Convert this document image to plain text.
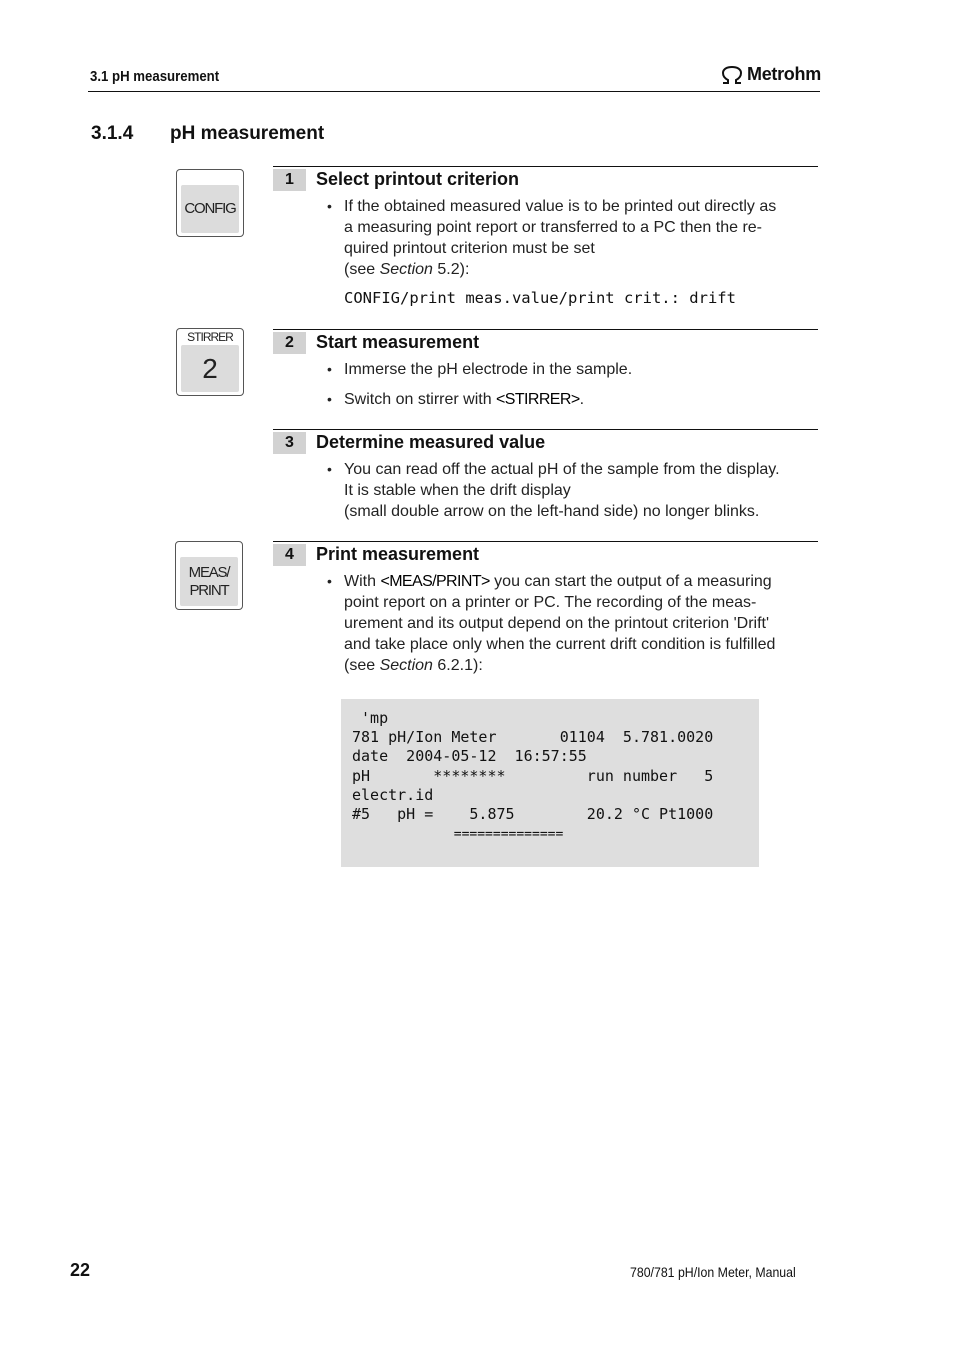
3.1 pH measurement	Metrohm
3.1.4	pH measurement
CONFIG
STIRRER
2
MEAS/
PRINT
1	Select printout criterion
• If the obtained measured value is to be printed out directly as
a measuring point report or transferred to a PC then the re-
quired printout criterion must be set
(see Section 5.2):
CONFIG/print meas.value/print crit.: drift
2	Start measurement
• Immerse the pH electrode in the sample.
• Switch on stirrer with <STIRRER>.
3	Determine measured value
• You can read off the actual pH of the sample from the display.
It is stable when the drift display
(small double arrow on the left-hand side) no longer blinks.
4	Print measurement
• With <MEAS/PRINT> you can start the output of a measuring
point report on a printer or PC. The recording of the meas-
urement and its output depend on the printout criterion 'Drift'
and take place only when the current drift condition is fulfilled
(see Section 6.2.1):
'mp
781 pH/Ion Meter       01104  5.781.0020
date  2004-05-12  16:57:55
pH       ********         run number   5
electr.id
#5   pH =    5.875        20.2 °C Pt1000
==============
22	780/781 pH/Ion Meter, Manual
